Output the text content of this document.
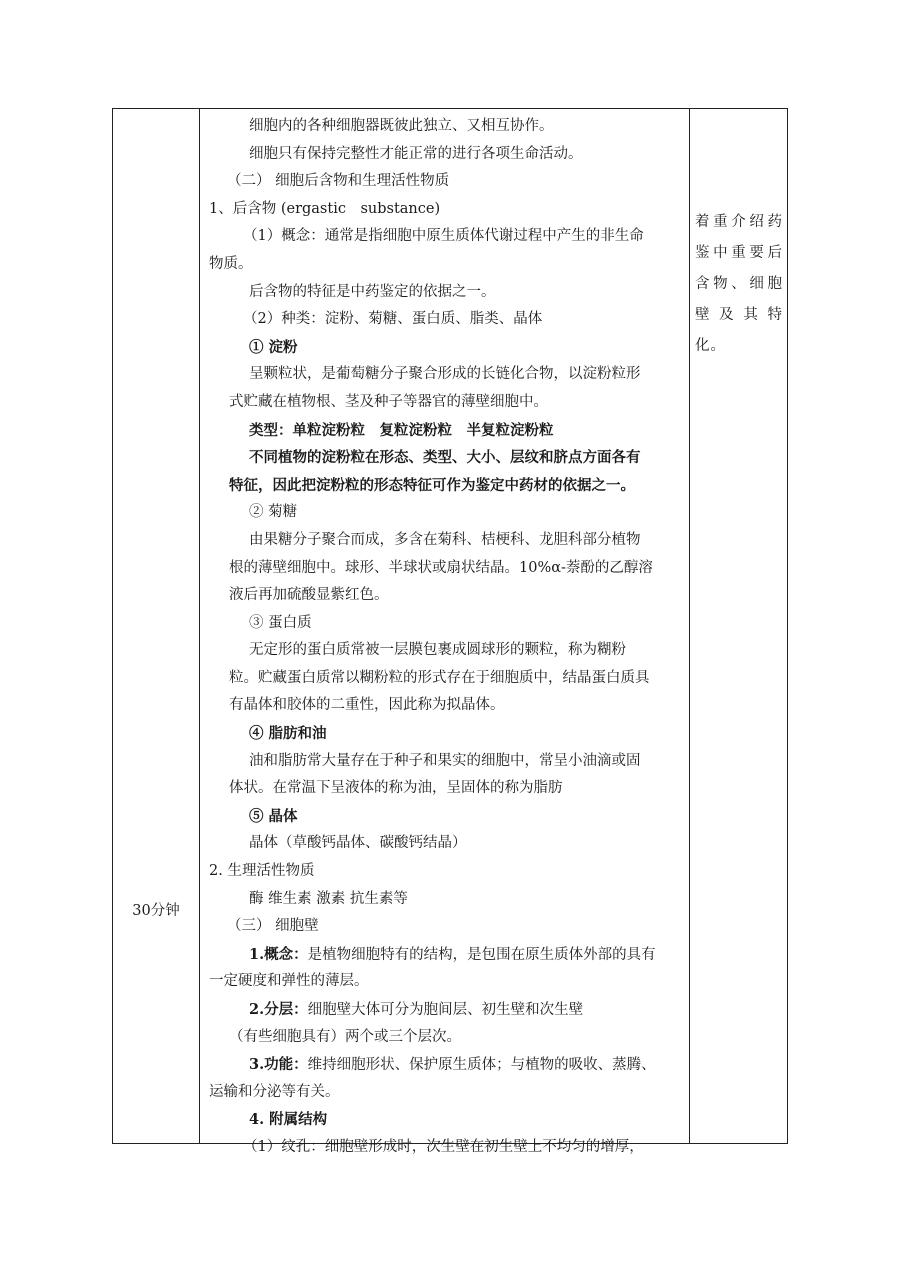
30分钟
细胞内的各种细胞器既彼此独立、又相互协作。
细胞只有保持完整性才能正常的进行各项生命活动。
（二） 细胞后含物和生理活性物质
1、后含物 (ergastic　substance)
（1）概念：通常是指细胞中原生质体代谢过程中产生的非生命
物质。
后含物的特征是中药鉴定的依据之一。
（2）种类：淀粉、菊糖、蛋白质、脂类、晶体
① 淀粉
呈颗粒状，是葡萄糖分子聚合形成的长链化合物，以淀粉粒形
式贮藏在植物根、茎及种子等器官的薄壁细胞中。
类型：单粒淀粉粒　复粒淀粉粒　半复粒淀粉粒
不同植物的淀粉粒在形态、类型、大小、层纹和脐点方面各有
特征，因此把淀粉粒的形态特征可作为鉴定中药材的依据之一。
② 菊糖
由果糖分子聚合而成，多含在菊科、桔梗科、龙胆科部分植物
根的薄壁细胞中。球形、半球状或扇状结晶。10%α-萘酚的乙醇溶
液后再加硫酸显紫红色。
③ 蛋白质
无定形的蛋白质常被一层膜包裹成圆球形的颗粒，称为糊粉
粒。贮藏蛋白质常以糊粉粒的形式存在于细胞质中，结晶蛋白质具
有晶体和胶体的二重性，因此称为拟晶体。
④ 脂肪和油
油和脂肪常大量存在于种子和果实的细胞中，常呈小油滴或固
体状。在常温下呈液体的称为油，呈固体的称为脂肪
⑤ 晶体
晶体（草酸钙晶体、碳酸钙结晶）
2. 生理活性物质
酶 维生素 激素 抗生素等
（三） 细胞壁
1.概念：是植物细胞特有的结构，是包围在原生质体外部的具有
一定硬度和弹性的薄层。
2.分层：细胞壁大体可分为胞间层、初生壁和次生壁
（有些细胞具有）两个或三个层次。
3.功能：维持细胞形状、保护原生质体；与植物的吸收、蒸腾、
运输和分泌等有关。
4. 附属结构
（1）纹孔：细胞壁形成时，次生壁在初生壁上不均匀的增厚，
着重介绍药鉴中重要后含物、细胞壁及其特化。
